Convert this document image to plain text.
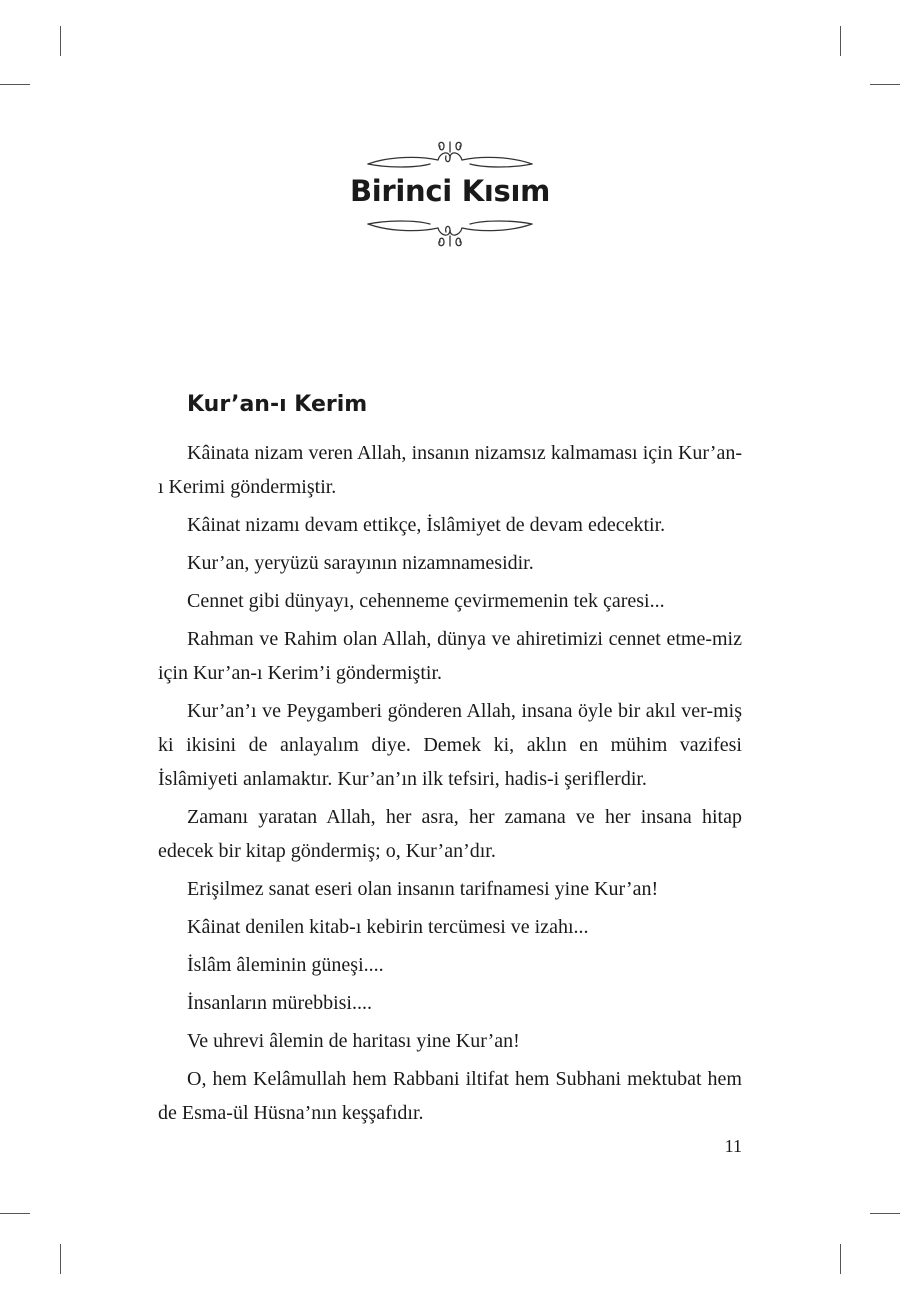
Birinci Kısım
Kur’an-ı Kerim

Kâinata nizam veren Allah, insanın nizamsız kalmaması için Kur’an-ı Kerimi göndermiştir.

Kâinat nizamı devam ettikçe, İslâmiyet de devam edecektir.

Kur’an, yeryüzü sarayının nizamnamesidir.

Cennet gibi dünyayı, cehenneme çevirmemenin tek çaresi...

Rahman ve Rahim olan Allah, dünya ve ahiretimizi cennet etme-miz için Kur’an-ı Kerim’i göndermiştir.

Kur’an’ı ve Peygamberi gönderen Allah, insana öyle bir akıl ver-miş ki ikisini de anlayalım diye. Demek ki, aklın en mühim vazifesi İslâmiyeti anlamaktır. Kur’an’ın ilk tefsiri, hadis-i şeriflerdir.

Zamanı yaratan Allah, her asra, her zamana ve her insana hitap edecek bir kitap göndermiş; o, Kur’an’dır.

Erişilmez sanat eseri olan insanın tarifnamesi yine Kur’an!

Kâinat denilen kitab-ı kebirin tercümesi ve izahı...

İslâm âleminin güneşi....

İnsanların mürebbisi....

Ve uhrevi âlemin de haritası yine Kur’an!

O, hem Kelâmullah hem Rabbani iltifat hem Subhani mektubat hem de Esma-ül Hüsna’nın keşşafıdır.

11
